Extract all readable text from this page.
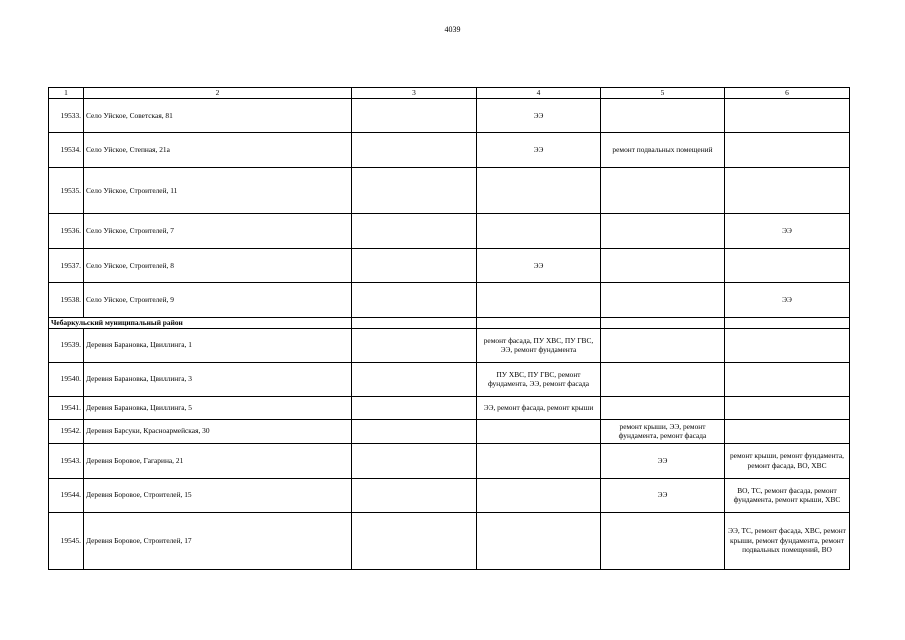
4039
1	2	3	4	5	6
19533.	Село Уйское, Советская, 81		ЭЭ		
19534.	Село Уйское, Степная, 21а		ЭЭ	ремонт подвальных помещений	
19535.	Село Уйское, Строителей, 11				
19536.	Село Уйское, Строителей, 7				ЭЭ
19537.	Село Уйское, Строителей, 8		ЭЭ		
19538.	Село Уйское, Строителей, 9				ЭЭ
Чебаркульский муниципальный район					
19539.	Деревня Барановка, Цвиллинга, 1		ремонт фасада, ПУ ХВС, ПУ ГВС, ЭЭ, ремонт фундамента		
19540.	Деревня Барановка, Цвиллинга, 3		ПУ ХВС, ПУ ГВС, ремонт фундамента, ЭЭ, ремонт фасада		
19541.	Деревня Барановка, Цвиллинга, 5		ЭЭ, ремонт фасада, ремонт крыши		
19542.	Деревня Барсуки, Красноармейская, 30			ремонт крыши, ЭЭ, ремонт фундамента, ремонт фасада	
19543.	Деревня Боровое, Гагарина, 21			ЭЭ	ремонт крыши, ремонт фундамента, ремонт фасада, ВО, ХВС
19544.	Деревня Боровое, Строителей, 15			ЭЭ	ВО, ТС, ремонт фасада, ремонт фундамента, ремонт крыши, ХВС
19545.	Деревня Боровое, Строителей, 17				ЭЭ, ТС, ремонт фасада, ХВС, ремонт крыши, ремонт фундамента, ремонт подвальных помещений, ВО
